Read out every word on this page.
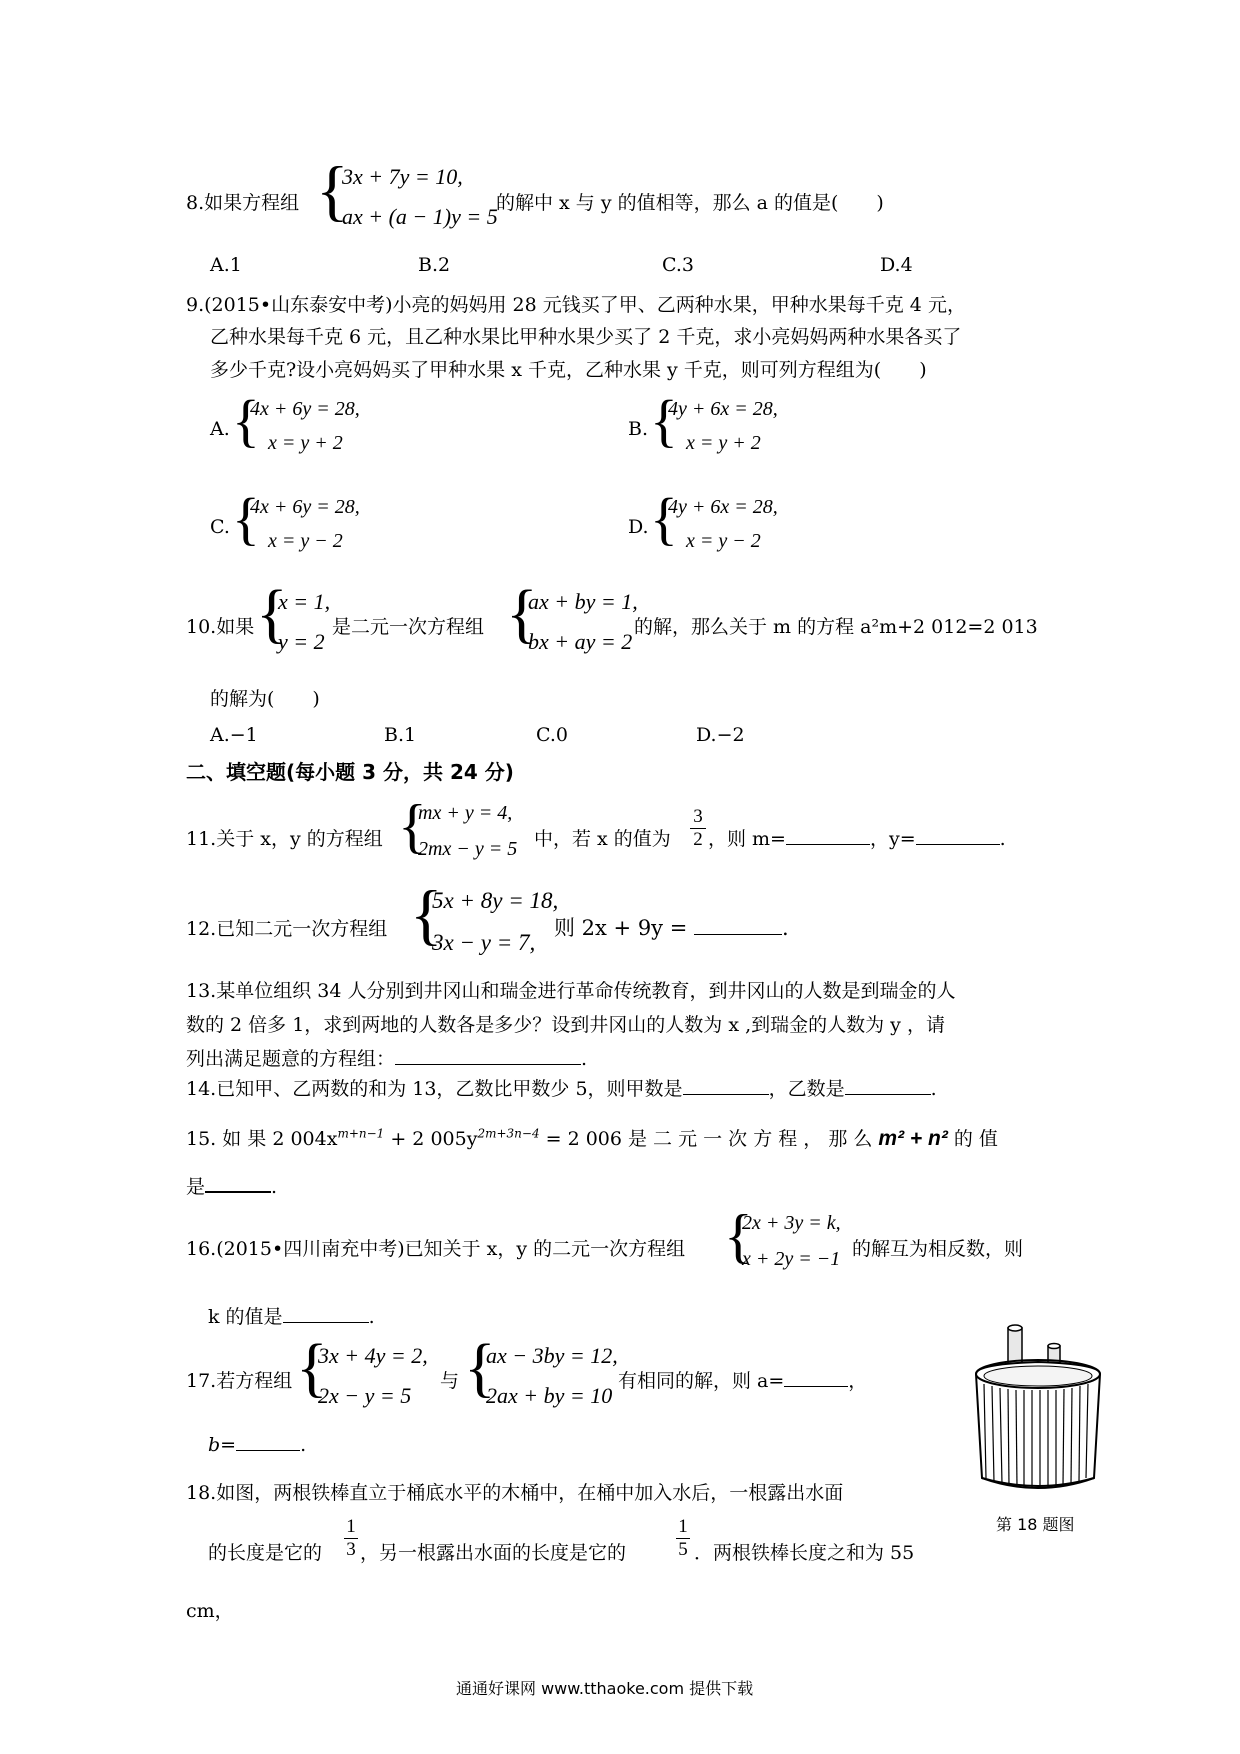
8.如果方程组 {
3x + 7y = 10,
ax + (a − 1)y = 5
的解中 x 与 y 的值相等，那么 a 的值是(　　)
A.1	B.2	C.3	D.4
9.(2015•山东泰安中考)小亮的妈妈用 28 元钱买了甲、乙两种水果，甲种水果每千克 4 元，
乙种水果每千克 6 元，且乙种水果比甲种水果少买了 2 千克，求小亮妈妈两种水果各买了
多少千克?设小亮妈妈买了甲种水果 x 千克，乙种水果 y 千克，则可列方程组为(　　)
A. {
4x + 6y = 28,
x = y + 2
B. {
4y + 6x = 28,
x = y + 2
C. {
4x + 6y = 28,
x = y − 2
D. {
4y + 6x = 28,
x = y − 2
10.如果 {
x = 1,
y = 2
是二元一次方程组 {
ax + by = 1,
bx + ay = 2
的解，那么关于 m 的方程 a²m+2 012=2 013
的解为(　　)
A.−1	B.1	C.0	D.−2
二、填空题(每小题 3 分，共 24 分)
11.关于 x，y 的方程组 {
mx + y = 4,
2mx − y = 5 中，若 x 的值为
3
2 ，则 m=	，y=	.
12.已知二元一次方程组 {
5x + 8y = 18,
3x − y = 7,
则 2x + 9y =	.
13.某单位组织 34 人分别到井冈山和瑞金进行革命传统教育，到井冈山的人数是到瑞金的人
数的 2 倍多 1，求到两地的人数各是多少？设到井冈山的人数为 x ,到瑞金的人数为 y ，请
列出满足题意的方程组：	.
14.已知甲、乙两数的和为 13，乙数比甲数少 5，则甲数是	，乙数是	.
15. 如 果 2 $004x^{m+n-1} + 2$ $005y^{2m+3n-4} = 2$ 006 是 二 元 一 次 方 程 ， 那 么 m² + n² 的 值
是	.
16.(2015•四川南充中考)已知关于 x，y 的二元一次方程组 {
2x + 3y = k,
x + 2y = −1 的解互为相反数，则
k 的值是	.
17.若方程组 {
3x + 4y = 2,
2x − y = 5
与 {
ax − 3by = 12,
2ax + by = 10
有相同的解，则 a=	，
b=	.
第 18 题图
18.如图，两根铁棒直立于桶底水平的木桶中，在桶中加入水后，一根露出水面
的长度是它的
1
3 ，另一根露出水面的长度是它的
1
5 ．两根铁棒长度之和为 55
cm，
通通好课网 www.tthaoke.com 提供下载
